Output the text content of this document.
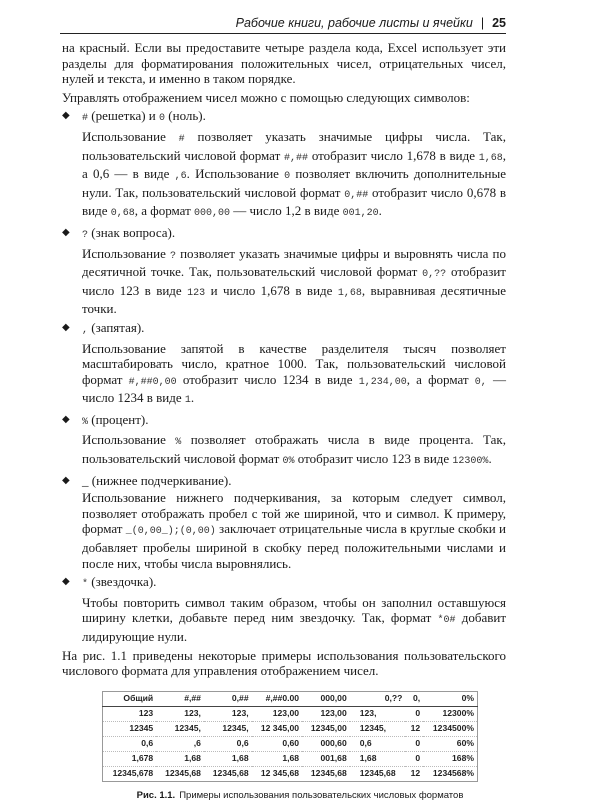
Рабочие книги, рабочие листы и ячейки | 25

на красный. Если вы предоставите четыре раздела кода, Excel использует эти разделы для форматирования положительных чисел, отрицательных чисел, нулей и текста, и именно в таком порядке.

Управлять отображением чисел можно с помощью следующих символов:

◆ # (решетка) и 0 (ноль).

Использование # позволяет указать значимые цифры числа. Так, пользовательский числовой формат #,## отобразит число 1,678 в виде 1,68, а 0,6 — в виде ,6. Использование 0 позволяет включить дополнительные нули. Так, пользовательский числовой формат 0,## отобразит число 0,678 в виде 0,68, а формат 000,00 — число 1,2 в виде 001,20.

◆ ? (знак вопроса).

Использование ? позволяет указать значимые цифры и выровнять числа по десятичной точке. Так, пользовательский числовой формат 0,?? отобразит число 123 в виде 123 и число 1,678 в виде 1,68, выравнивая десятичные точки.

◆ , (запятая).

Использование запятой в качестве разделителя тысяч позволяет масштабировать число, кратное 1000. Так, пользовательский числовой формат #,##0,00 отобразит число 1234 в виде 1,234,00, а формат 0, — число 1234 в виде 1.

◆ % (процент).

Использование % позволяет отображать числа в виде процента. Так, пользовательский числовой формат 0% отобразит число 123 в виде 12300%.

◆ _ (нижнее подчеркивание).

Использование нижнего подчеркивания, за которым следует символ, позволяет отображать пробел с той же шириной, что и символ. К примеру, формат _(0,00_);(0,00) заключает отрицательные числа в круглые скобки и добавляет пробелы шириной в скобку перед положительными числами и после них, чтобы числа выровнялись.

◆ * (звездочка).

Чтобы повторить символ таким образом, чтобы он заполнил оставшуюся ширину клетки, добавьте перед ним звездочку. Так, формат *0# добавит лидирующие нули.

На рис. 1.1 приведены некоторые примеры использования пользовательского числового формата для управления отображением чисел.

Общий	#,##	0,##	#,##0.00	000,00	0,??	0,	0%
123	123,	123,	123,00	123,00	123,	0	12300%
12345	12345,	12345,	12 345,00	12345,00	12345,	12	1234500%
0,6	,6	0,6	0,60	000,60	0,6	0	60%
1,678	1,68	1,68	1,68	001,68	1,68	0	168%
12345,678	12345,68	12345,68	12 345,68	12345,68	12345,68	12	1234568%
Рис. 1.1. Примеры использования пользовательских числовых форматов
